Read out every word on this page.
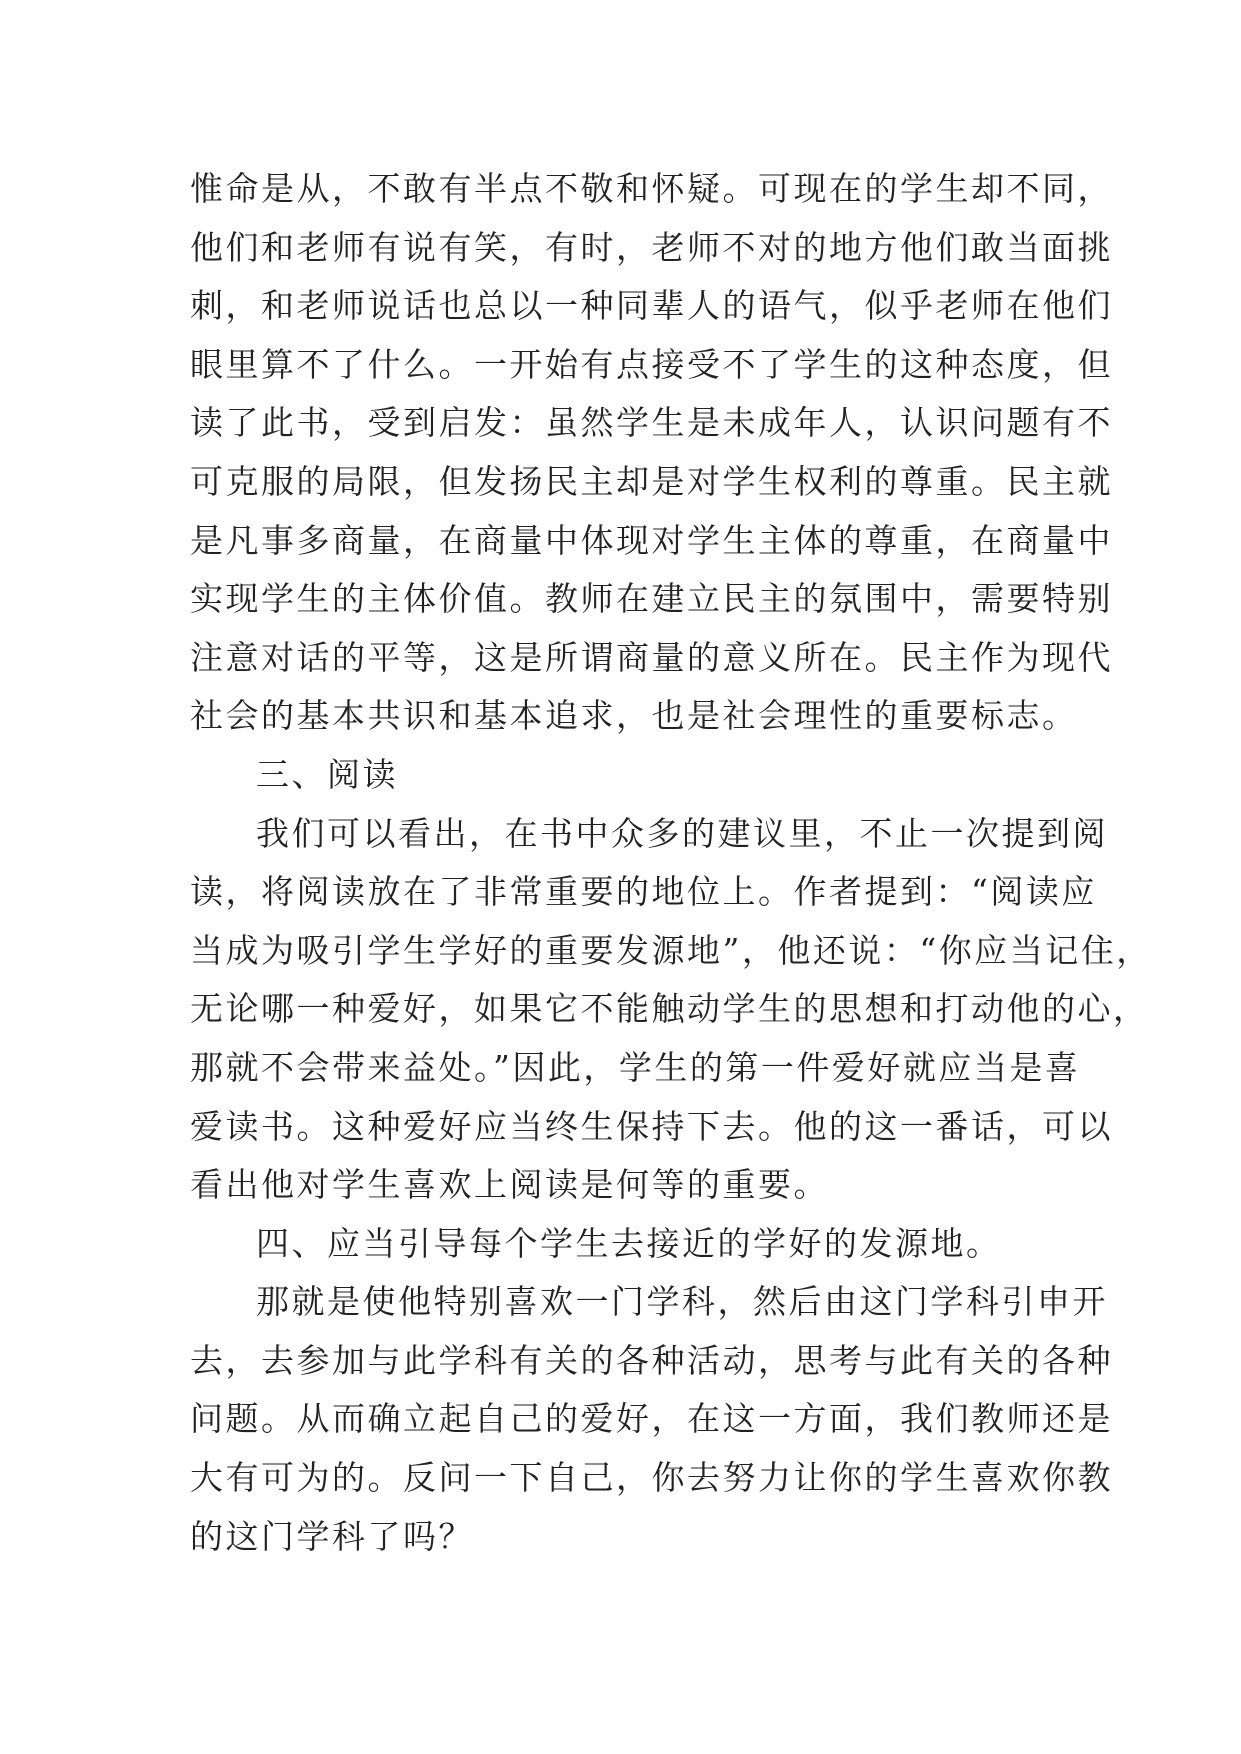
惟命是从，不敢有半点不敬和怀疑。可现在的学生却不同，
他们和老师有说有笑，有时，老师不对的地方他们敢当面挑
刺，和老师说话也总以一种同辈人的语气，似乎老师在他们
眼里算不了什么。一开始有点接受不了学生的这种态度，但
读了此书，受到启发：虽然学生是未成年人，认识问题有不
可克服的局限，但发扬民主却是对学生权利的尊重。民主就
是凡事多商量，在商量中体现对学生主体的尊重，在商量中
实现学生的主体价值。教师在建立民主的氛围中，需要特别
注意对话的平等，这是所谓商量的意义所在。民主作为现代
社会的基本共识和基本追求，也是社会理性的重要标志。
三、阅读
我们可以看出，在书中众多的建议里，不止一次提到阅
读，将阅读放在了非常重要的地位上。作者提到：“阅读应
当成为吸引学生学好的重要发源地”，他还说：“你应当记住，
无论哪一种爱好，如果它不能触动学生的思想和打动他的心，
那就不会带来益处。”因此，学生的第一件爱好就应当是喜
爱读书。这种爱好应当终生保持下去。他的这一番话，可以
看出他对学生喜欢上阅读是何等的重要。
四、应当引导每个学生去接近的学好的发源地。
那就是使他特别喜欢一门学科，然后由这门学科引申开
去，去参加与此学科有关的各种活动，思考与此有关的各种
问题。从而确立起自己的爱好，在这一方面，我们教师还是
大有可为的。反问一下自己，你去努力让你的学生喜欢你教
的这门学科了吗？
